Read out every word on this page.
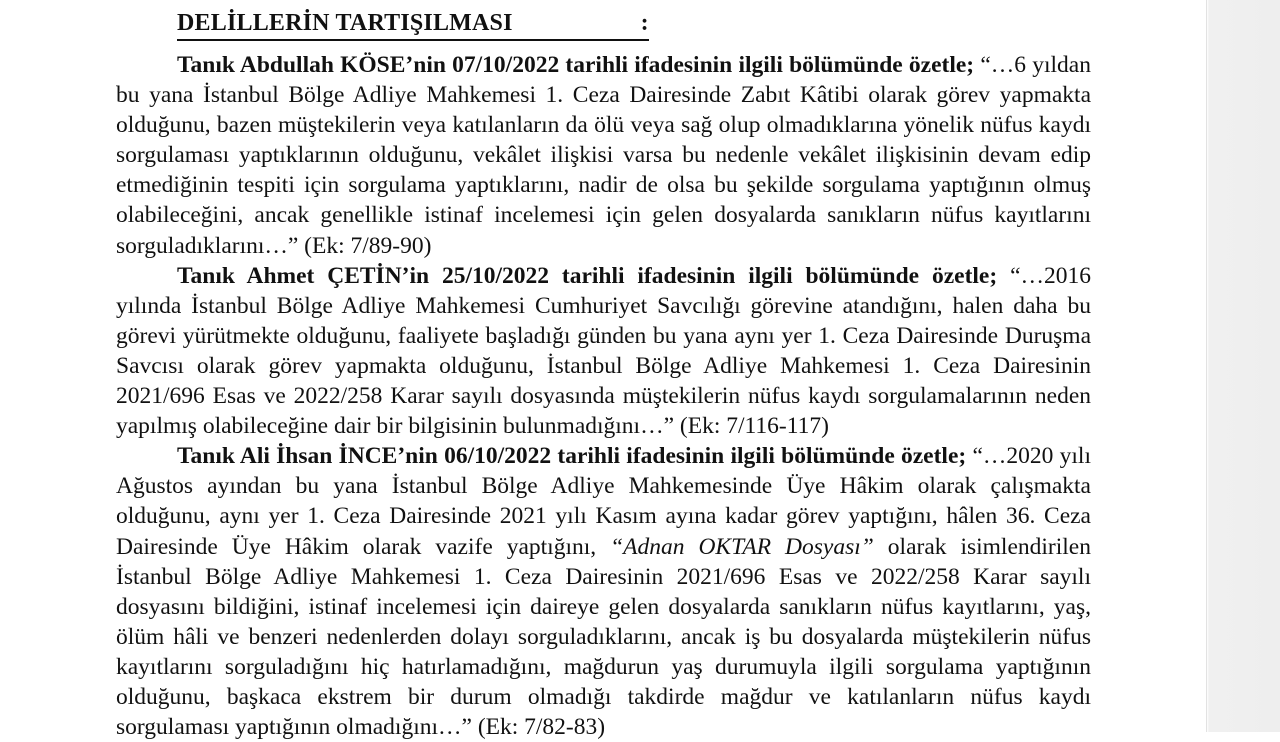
DELİLLERİN TARTIŞILMASI	:

Tanık Abdullah KÖSE’nin 07/10/2022 tarihli ifadesinin ilgili bölümünde özetle; “…6 yıldan bu yana İstanbul Bölge Adliye Mahkemesi 1. Ceza Dairesinde Zabıt Kâtibi olarak görev yapmakta olduğunu, bazen müştekilerin veya katılanların da ölü veya sağ olup olmadıklarına yönelik nüfus kaydı sorgulaması yaptıklarının olduğunu, vekâlet ilişkisi varsa bu nedenle vekâlet ilişkisinin devam edip etmediğinin tespiti için sorgulama yaptıklarını, nadir de olsa bu şekilde sorgulama yaptığının olmuş olabileceğini, ancak genellikle istinaf incelemesi için gelen dosyalarda sanıkların nüfus kayıtlarını sorguladıklarını…” (Ek: 7/89-90)

Tanık Ahmet ÇETİN’in 25/10/2022 tarihli ifadesinin ilgili bölümünde özetle; “…2016 yılında İstanbul Bölge Adliye Mahkemesi Cumhuriyet Savcılığı görevine atandığını, halen daha bu görevi yürütmekte olduğunu, faaliyete başladığı günden bu yana aynı yer 1. Ceza Dairesinde Duruşma Savcısı olarak görev yapmakta olduğunu, İstanbul Bölge Adliye Mahkemesi 1. Ceza Dairesinin 2021/696 Esas ve 2022/258 Karar sayılı dosyasında müştekilerin nüfus kaydı sorgulamalarının neden yapılmış olabileceğine dair bir bilgisinin bulunmadığını…” (Ek: 7/116-117)

Tanık Ali İhsan İNCE’nin 06/10/2022 tarihli ifadesinin ilgili bölümünde özetle; “…2020 yılı Ağustos ayından bu yana İstanbul Bölge Adliye Mahkemesinde Üye Hâkim olarak çalışmakta olduğunu, aynı yer 1. Ceza Dairesinde 2021 yılı Kasım ayına kadar görev yaptığını, hâlen 36. Ceza Dairesinde Üye Hâkim olarak vazife yaptığını, “Adnan OKTAR Dosyası” olarak isimlendirilen İstanbul Bölge Adliye Mahkemesi 1. Ceza Dairesinin 2021/696 Esas ve 2022/258 Karar sayılı dosyasını bildiğini, istinaf incelemesi için daireye gelen dosyalarda sanıkların nüfus kayıtlarını, yaş, ölüm hâli ve benzeri nedenlerden dolayı sorguladıklarını, ancak iş bu dosyalarda müştekilerin nüfus kayıtlarını sorguladığını hiç hatırlamadığını, mağdurun yaş durumuyla ilgili sorgulama yaptığının olduğunu, başkaca ekstrem bir durum olmadığı takdirde mağdur ve katılanların nüfus kaydı sorgulaması yaptığının olmadığını…” (Ek: 7/82-83)
